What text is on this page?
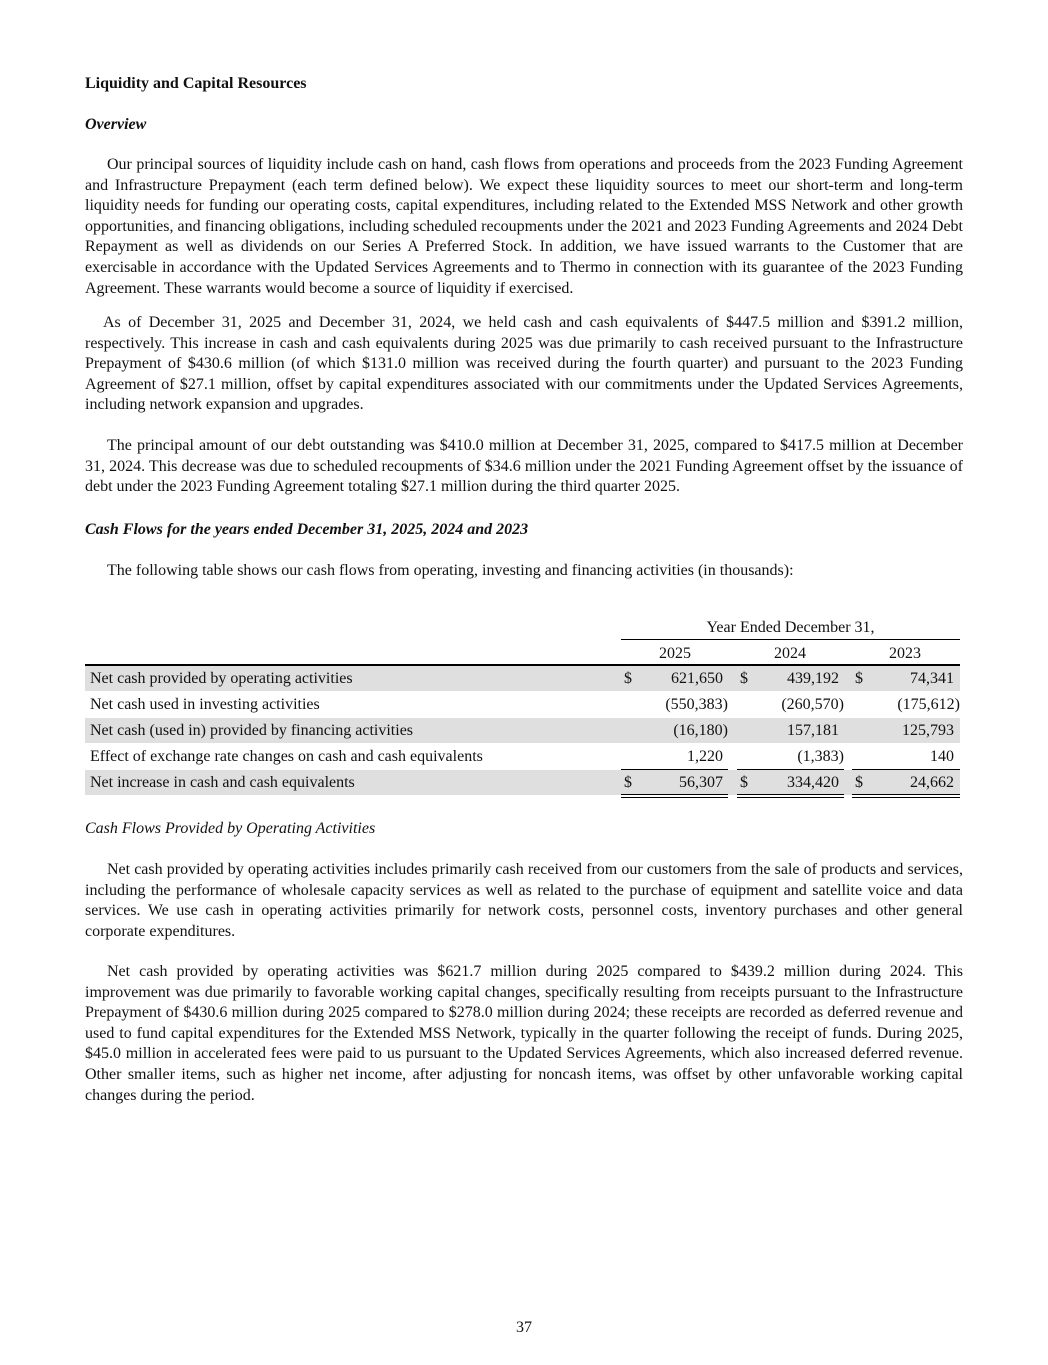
Liquidity and Capital Resources
Overview

Our principal sources of liquidity include cash on hand, cash flows from operations and proceeds from the 2023 Funding Agreement and Infrastructure Prepayment (each term defined below). We expect these liquidity sources to meet our short-term and long-term liquidity needs for funding our operating costs, capital expenditures, including related to the Extended MSS Network and other growth opportunities, and financing obligations, including scheduled recoupments under the 2021 and 2023 Funding Agreements and 2024 Debt Repayment as well as dividends on our Series A Preferred Stock. In addition, we have issued warrants to the Customer that are exercisable in accordance with the Updated Services Agreements and to Thermo in connection with its guarantee of the 2023 Funding Agreement. These warrants would become a source of liquidity if exercised.

As of December 31, 2025 and December 31, 2024, we held cash and cash equivalents of $447.5 million and $391.2 million, respectively. This increase in cash and cash equivalents during 2025 was due primarily to cash received pursuant to the Infrastructure Prepayment of $430.6 million (of which $131.0 million was received during the fourth quarter) and pursuant to the 2023 Funding Agreement of $27.1 million, offset by capital expenditures associated with our commitments under the Updated Services Agreements, including network expansion and upgrades.

The principal amount of our debt outstanding was $410.0 million at December 31, 2025, compared to $417.5 million at December 31, 2024. This decrease was due to scheduled recoupments of $34.6 million under the 2021 Funding Agreement offset by the issuance of debt under the 2023 Funding Agreement totaling $27.1 million during the third quarter 2025.

Cash Flows for the years ended December 31, 2025, 2024 and 2023
The following table shows our cash flows from operating, investing and financing activities (in thousands):
Year Ended December 31,
2025	2024	2023
Net cash provided by operating activities	$	621,650 $	439,192 $	74,341
Net cash used in investing activities	(550,383)	(260,570)	(175,612)
Net cash (used in) provided by financing activities	(16,180)	157,181	125,793
Effect of exchange rate changes on cash and cash equivalents	1,220	(1,383)	140
Net increase in cash and cash equivalents	$	56,307 $	334,420 $	24,662
Cash Flows Provided by Operating Activities

Net cash provided by operating activities includes primarily cash received from our customers from the sale of products and services, including the performance of wholesale capacity services as well as related to the purchase of equipment and satellite voice and data services. We use cash in operating activities primarily for network costs, personnel costs, inventory purchases and other general corporate expenditures.

Net cash provided by operating activities was $621.7 million during 2025 compared to $439.2 million during 2024. This improvement was due primarily to favorable working capital changes, specifically resulting from receipts pursuant to the Infrastructure Prepayment of $430.6 million during 2025 compared to $278.0 million during 2024; these receipts are recorded as deferred revenue and used to fund capital expenditures for the Extended MSS Network, typically in the quarter following the receipt of funds. During 2025, $45.0 million in accelerated fees were paid to us pursuant to the Updated Services Agreements, which also increased deferred revenue. Other smaller items, such as higher net income, after adjusting for noncash items, was offset by other unfavorable working capital changes during the period.

37
